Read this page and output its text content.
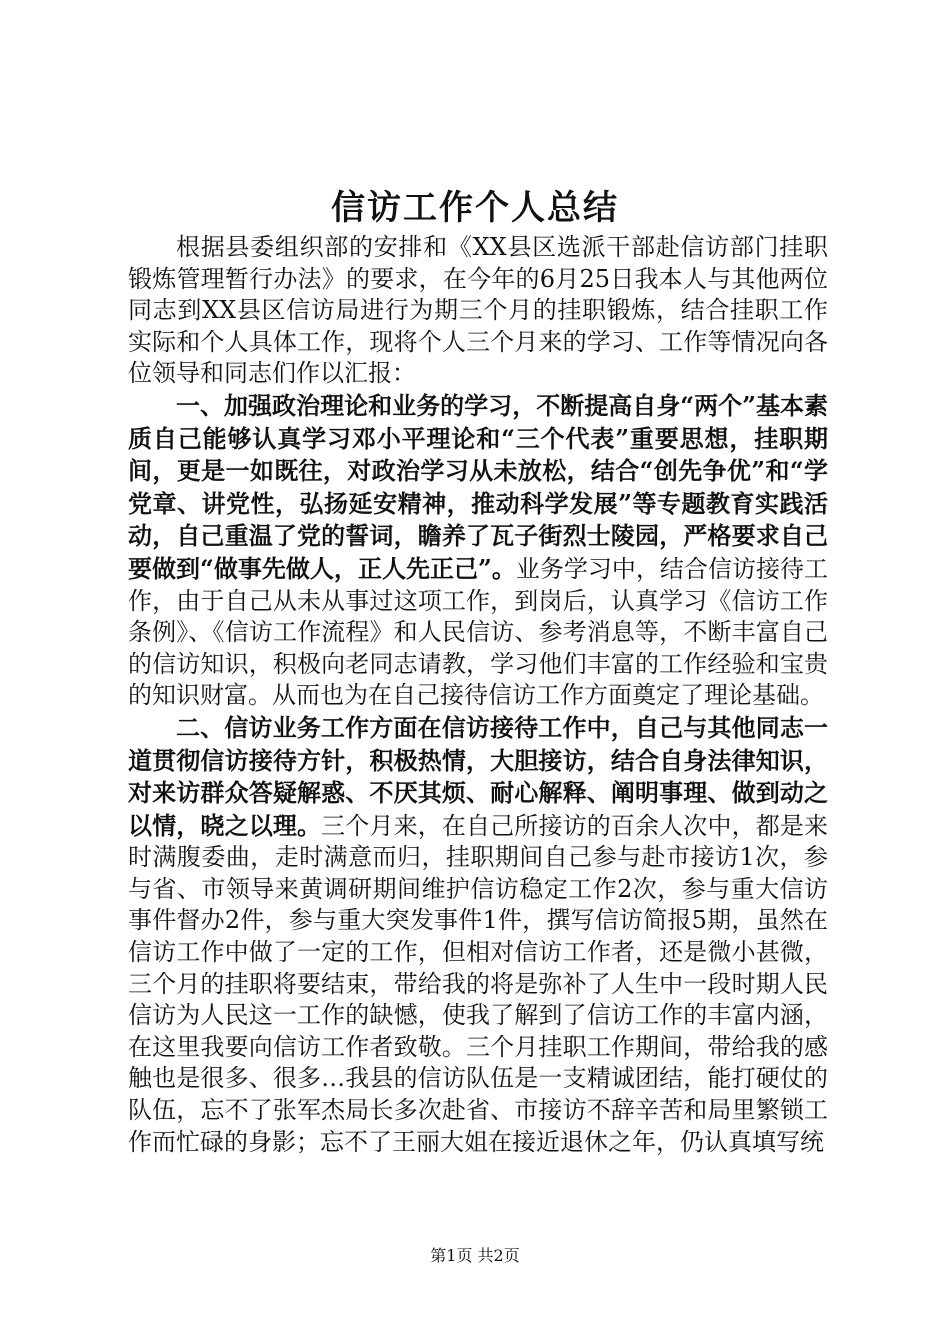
信访工作个人总结

根据县委组织部的安排和《XX县区选派干部赴信访部门挂职锻炼管理暂行办法》的要求，在今年的6月25日我本人与其他两位同志到XX县区信访局进行为期三个月的挂职锻炼，结合挂职工作实际和个人具体工作，现将个人三个月来的学习、工作等情况向各位领导和同志们作以汇报：

一、加强政治理论和业务的学习，不断提高自身“两个”基本素质自己能够认真学习邓小平理论和“三个代表”重要思想，挂职期间，更是一如既往，对政治学习从未放松，结合“创先争优”和“学党章、讲党性，弘扬延安精神，推动科学发展”等专题教育实践活动，自己重温了党的誓词，瞻养了瓦子街烈士陵园，严格要求自己要做到“做事先做人，正人先正己”。业务学习中，结合信访接待工作，由于自己从未从事过这项工作，到岗后，认真学习《信访工作条例》、《信访工作流程》和人民信访、参考消息等，不断丰富自己的信访知识，积极向老同志请教，学习他们丰富的工作经验和宝贵的知识财富。从而也为在自己接待信访工作方面奠定了理论基础。

二、信访业务工作方面在信访接待工作中，自己与其他同志一道贯彻信访接待方针，积极热情，大胆接访，结合自身法律知识，对来访群众答疑解惑、不厌其烦、耐心解释、阐明事理、做到动之以情，晓之以理。三个月来，在自己所接访的百余人次中，都是来时满腹委曲，走时满意而归，挂职期间自己参与赴市接访1次，参与省、市领导来黄调研期间维护信访稳定工作2次，参与重大信访事件督办2件，参与重大突发事件1件，撰写信访简报5期，虽然在信访工作中做了一定的工作，但相对信访工作者，还是微小甚微，三个月的挂职将要结束，带给我的将是弥补了人生中一段时期人民信访为人民这一工作的缺憾，使我了解到了信访工作的丰富内涵，在这里我要向信访工作者致敬。三个月挂职工作期间，带给我的感触也是很多、很多…我县的信访队伍是一支精诚团结，能打硬仗的队伍，忘不了张军杰局长多次赴省、市接访不辞辛苦和局里繁锁工作而忙碌的身影；忘不了王丽大姐在接近退休之年，仍认真填写统

第1页 共2页
